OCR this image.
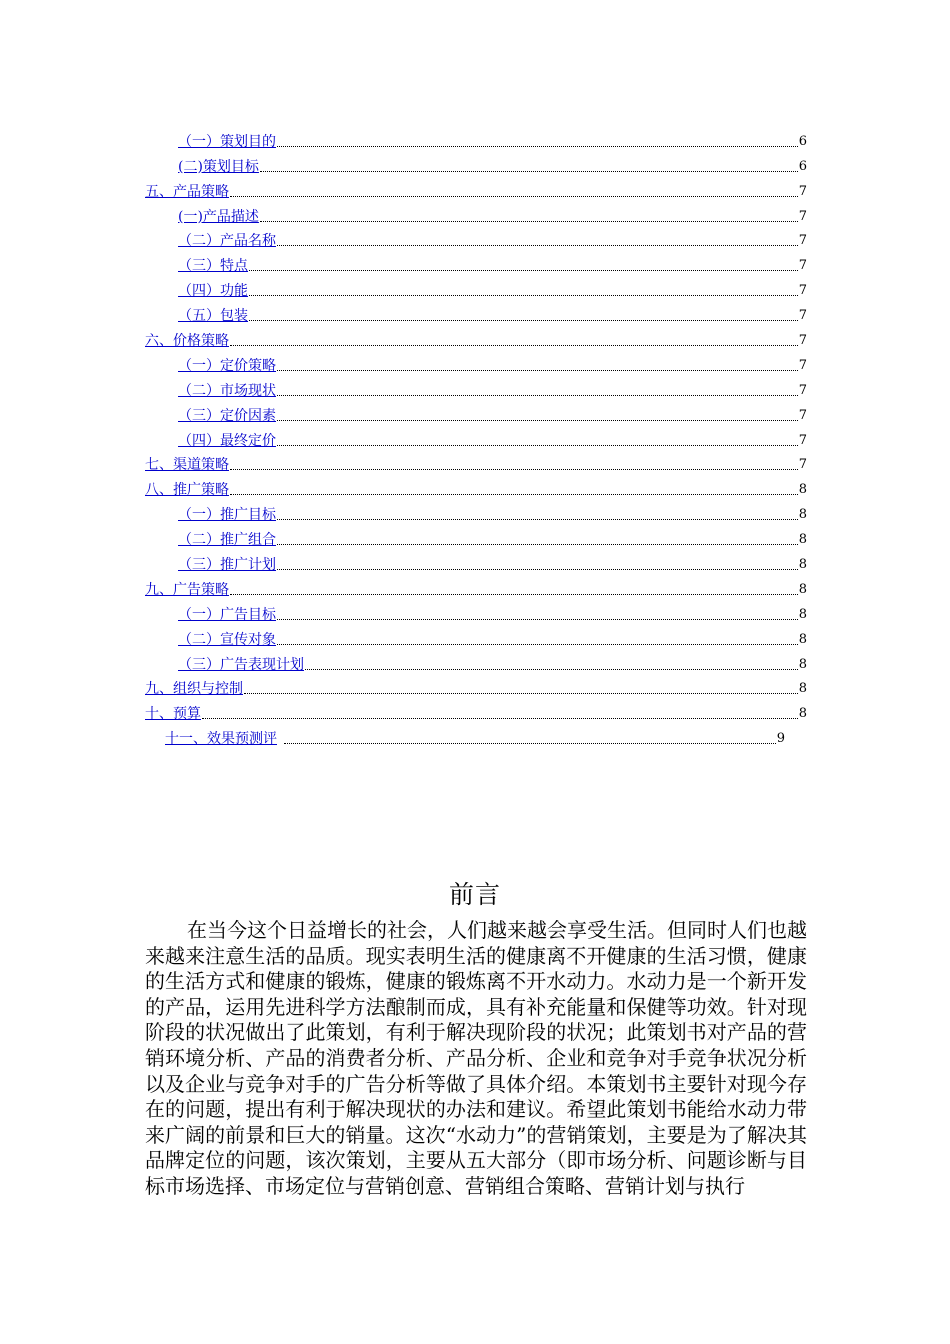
（一）策划目的	6
(二)策划目标	6
五、产品策略	7
(一)产品描述	7
（二）产品名称	7
（三）特点	7
（四）功能	7
（五）包装	7
六、价格策略	7
（一）定价策略	7
（二）市场现状	7
（三）定价因素	7
（四）最终定价	7
七、渠道策略	7
八、推广策略	8
（一）推广目标	8
（二）推广组合	8
（三）推广计划	8
九、广告策略	8
（一）广告目标	8
（二）宣传对象	8
（三）广告表现计划	8
九、组织与控制	8
十、预算	8
十一、效果预测评	9
前言

在当今这个日益增长的社会，人们越来越会享受生活。但同时人们也越来越来注意生活的品质。现实表明生活的健康离不开健康的生活习惯，健康的生活方式和健康的锻炼，健康的锻炼离不开水动力。水动力是一个新开发的产品，运用先进科学方法酿制而成，具有补充能量和保健等功效。针对现阶段的状况做出了此策划，有利于解决现阶段的状况；此策划书对产品的营销环境分析、产品的消费者分析、产品分析、企业和竞争对手竞争状况分析以及企业与竞争对手的广告分析等做了具体介绍。本策划书主要针对现今存在的问题，提出有利于解决现状的办法和建议。希望此策划书能给水动力带来广阔的前景和巨大的销量。这次“水动力”的营销策划，主要是为了解决其品牌定位的问题，该次策划，主要从五大部分（即市场分析、问题诊断与目标市场选择、市场定位与营销创意、营销组合策略、营销计划与执行
